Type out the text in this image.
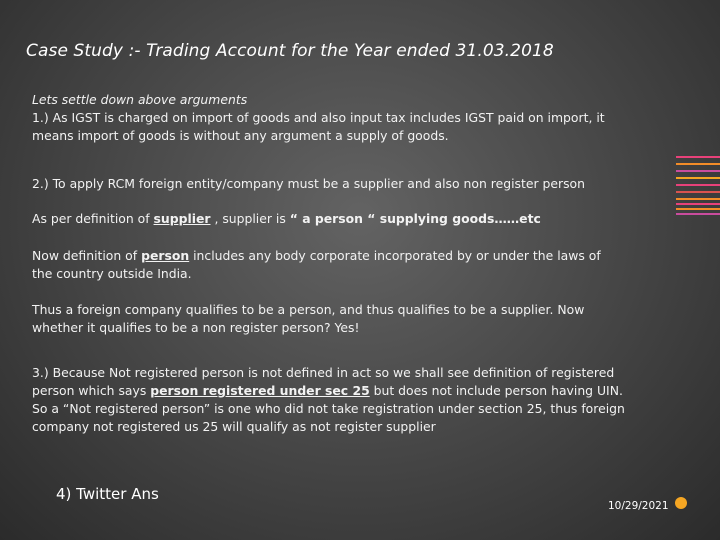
Case Study :- Trading Account for the Year ended 31.03.2018
Lets settle down above arguments
1.) As IGST is charged on import of goods and also input tax includes IGST paid on import, it
means import of goods is without any argument a supply of goods.
2.) To apply RCM foreign entity/company must be a supplier and also non register person
As per definition of supplier , supplier is “ a person “ supplying goods……etc
Now definition of person includes any body corporate incorporated by or under the laws of
the country outside India.
Thus a foreign company qualifies to be a person, and thus qualifies to be a supplier. Now
whether it qualifies to be a non register person? Yes!
3.) Because Not registered person is not defined in act so we shall see definition of registered
person which says person registered under sec 25 but does not include person having UIN.
So a “Not registered person” is one who did not take registration under section 25, thus foreign
company not registered us 25 will qualify as not register supplier
4) Twitter Ans
10/29/2021
